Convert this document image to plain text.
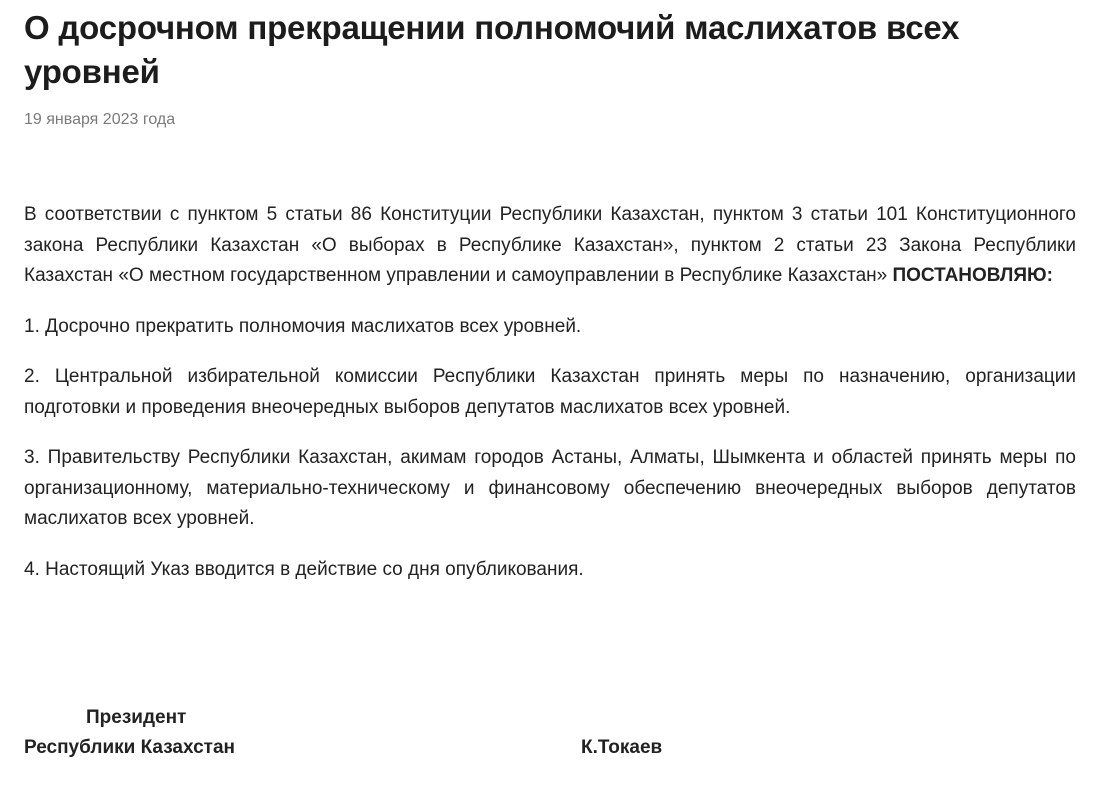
О досрочном прекращении полномочий маслихатов всех уровней
19 января 2023 года

В соответствии с пунктом 5 статьи 86 Конституции Республики Казахстан, пунктом 3 статьи 101 Конституционного закона Республики Казахстан «О выборах в Республике Казахстан», пунктом 2 статьи 23 Закона Республики Казахстан «О местном государственном управлении и самоуправлении в Республике Казахстан» ПОСТАНОВЛЯЮ:

1. Досрочно прекратить полномочия маслихатов всех уровней.

2. Центральной избирательной комиссии Республики Казахстан принять меры по назначению, организации подготовки и проведения внеочередных выборов депутатов маслихатов всех уровней.

3. Правительству Республики Казахстан, акимам городов Астаны, Алматы, Шымкента и областей принять меры по организационному, материально-техническому и финансовому обеспечению внеочередных выборов депутатов маслихатов всех уровней.

4. Настоящий Указ вводится в действие со дня опубликования.

Президент
Республики Казахстан	К.Токаев
